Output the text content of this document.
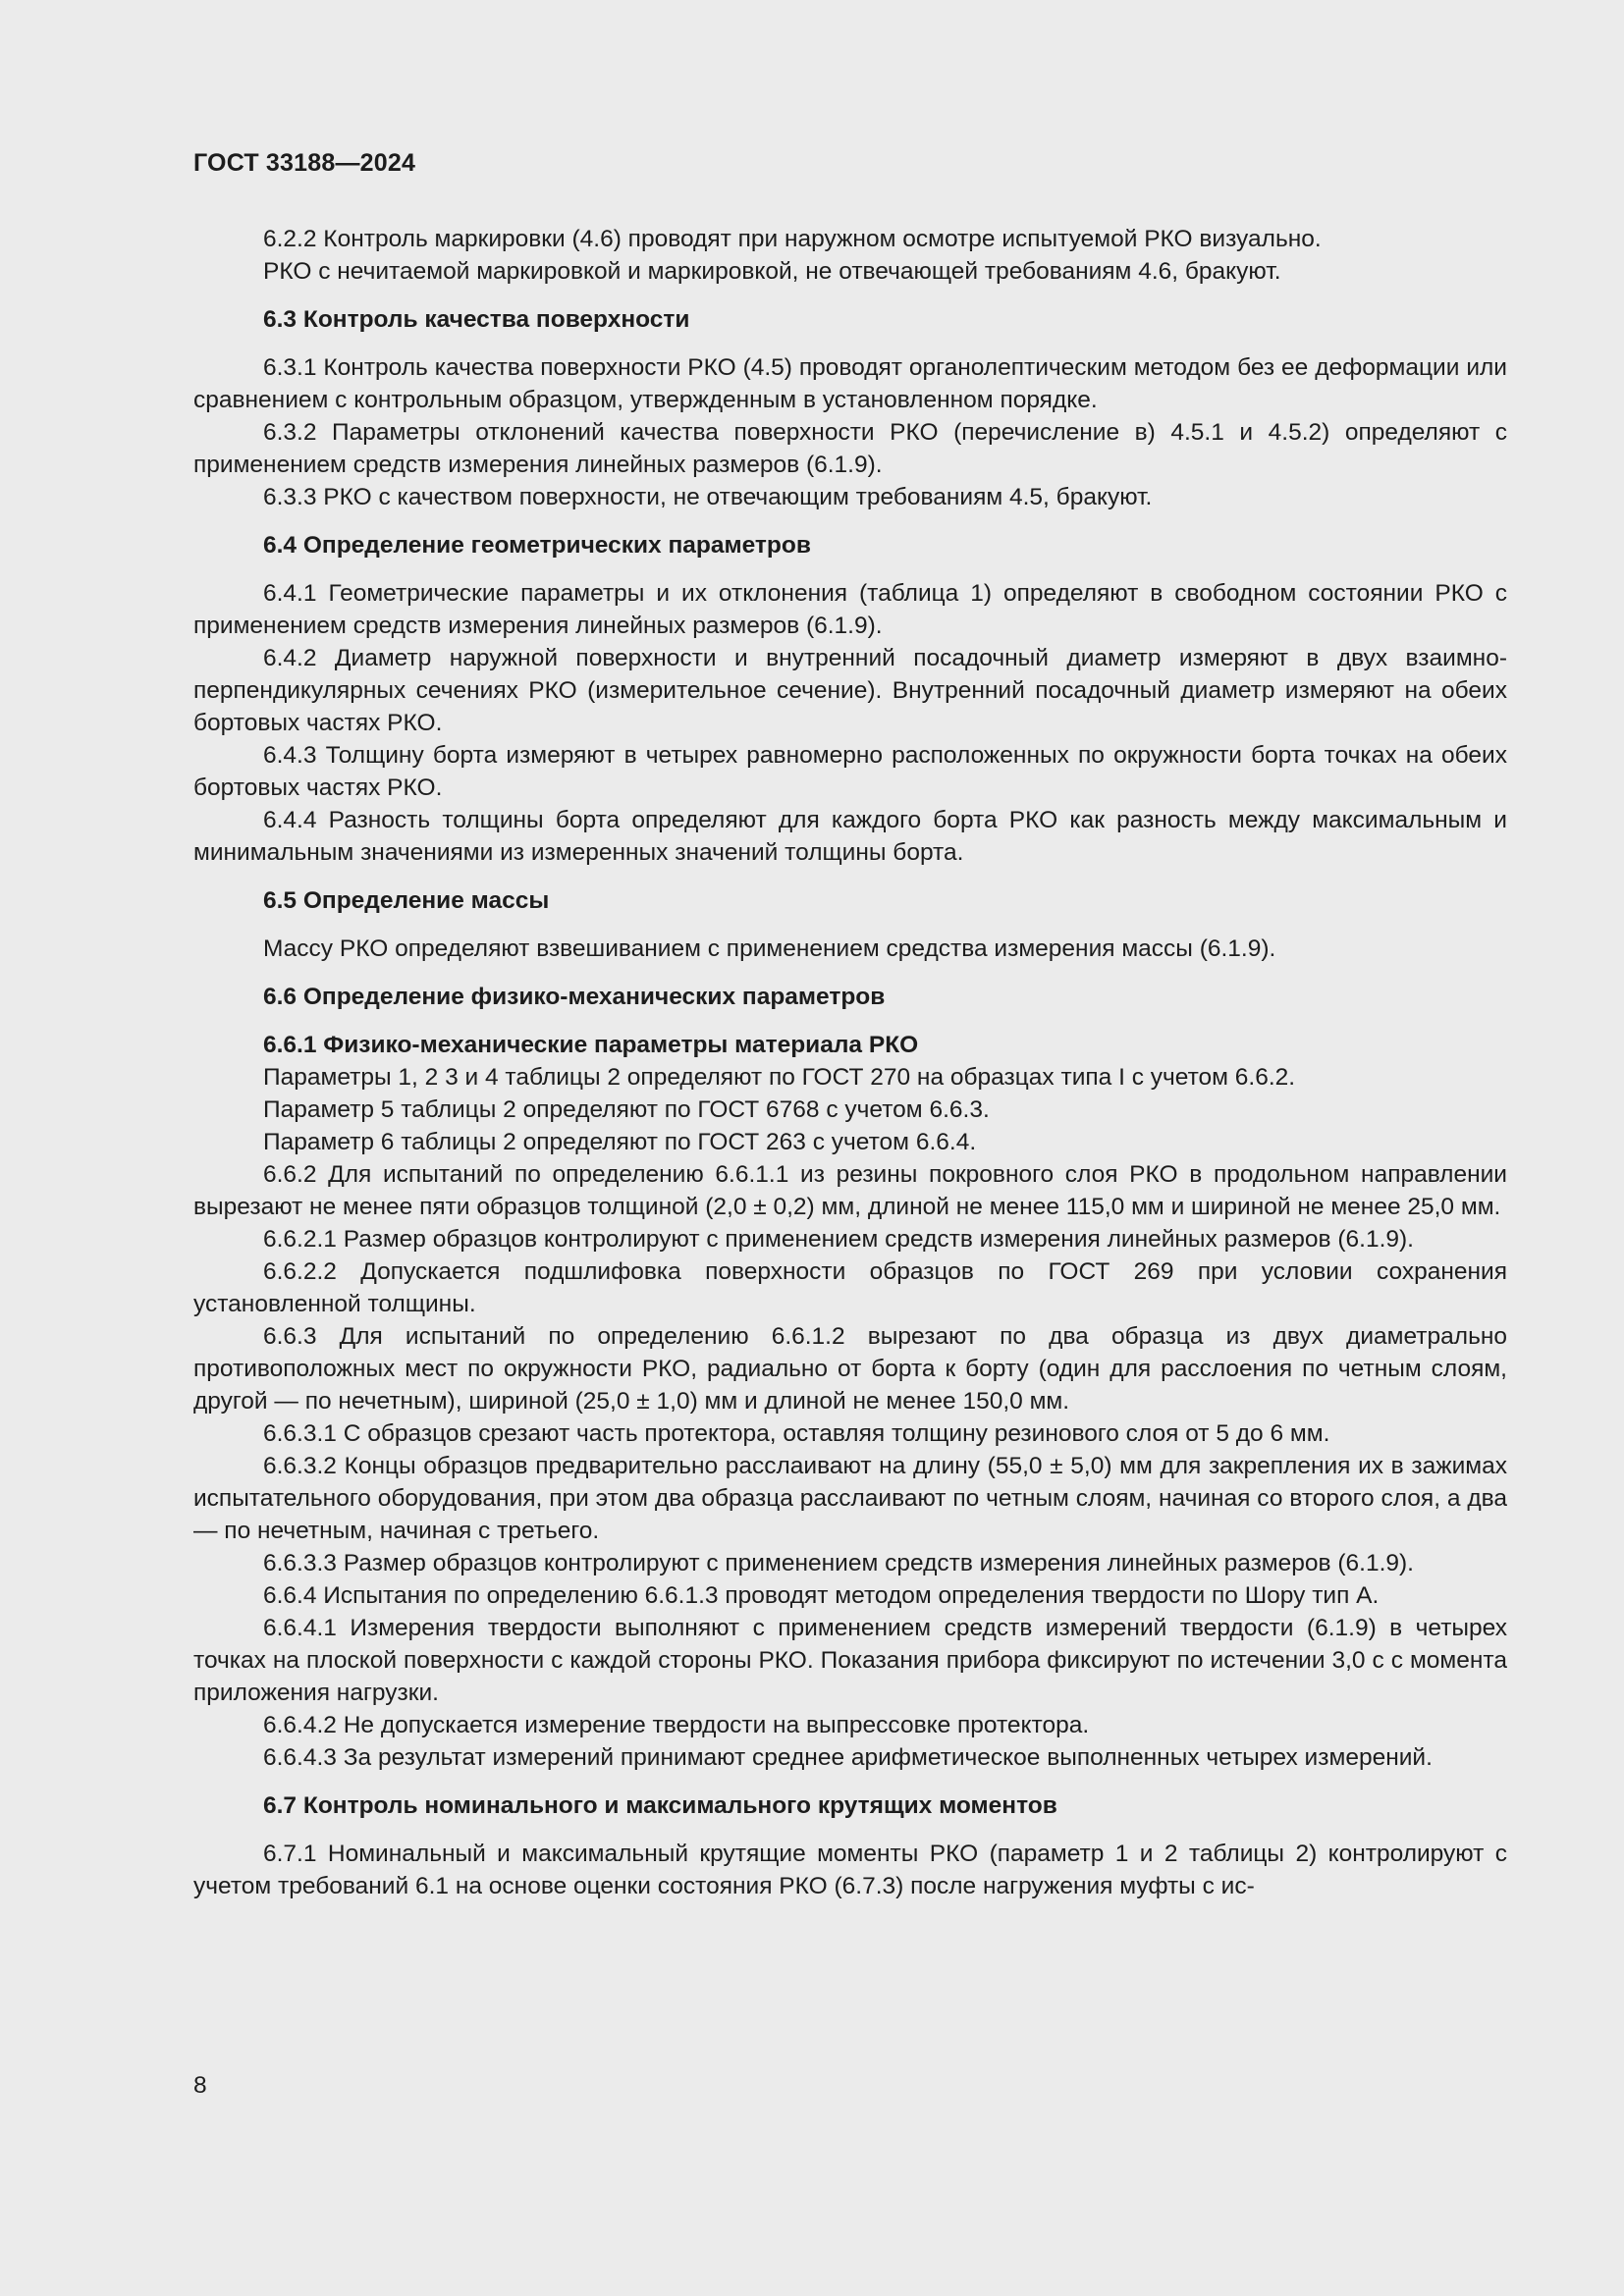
ГОСТ 33188—2024

6.2.2 Контроль маркировки (4.6) проводят при наружном осмотре испытуемой РКО визуально.

РКО с нечитаемой маркировкой и маркировкой, не отвечающей требованиям 4.6, бракуют.

6.3 Контроль качества поверхности

6.3.1 Контроль качества поверхности РКО (4.5) проводят органолептическим методом без ее деформации или сравнением с контрольным образцом, утвержденным в установленном порядке.

6.3.2 Параметры отклонений качества поверхности РКО (перечисление в) 4.5.1 и 4.5.2) определяют с применением средств измерения линейных размеров (6.1.9).

6.3.3 РКО с качеством поверхности, не отвечающим требованиям 4.5, бракуют.

6.4 Определение геометрических параметров

6.4.1 Геометрические параметры и их отклонения (таблица 1) определяют в свободном состоянии РКО с применением средств измерения линейных размеров (6.1.9).

6.4.2 Диаметр наружной поверхности и внутренний посадочный диаметр измеряют в двух взаимно-перпендикулярных сечениях РКО (измерительное сечение). Внутренний посадочный диаметр измеряют на обеих бортовых частях РКО.

6.4.3 Толщину борта измеряют в четырех равномерно расположенных по окружности борта точках на обеих бортовых частях РКО.

6.4.4 Разность толщины борта определяют для каждого борта РКО как разность между максимальным и минимальным значениями из измеренных значений толщины борта.

6.5 Определение массы

Массу РКО определяют взвешиванием с применением средства измерения массы (6.1.9).

6.6 Определение физико-механических параметров
6.6.1 Физико-механические параметры материала РКО

Параметры 1, 2 3 и 4 таблицы 2 определяют по ГОСТ 270 на образцах типа I с учетом 6.6.2.

Параметр 5 таблицы 2 определяют по ГОСТ 6768 с учетом 6.6.3.

Параметр 6 таблицы 2 определяют по ГОСТ 263 с учетом 6.6.4.

6.6.2 Для испытаний по определению 6.6.1.1 из резины покровного слоя РКО в продольном направлении вырезают не менее пяти образцов толщиной (2,0 ± 0,2) мм, длиной не менее 115,0 мм и шириной не менее 25,0 мм.

6.6.2.1 Размер образцов контролируют с применением средств измерения линейных размеров (6.1.9).

6.6.2.2 Допускается подшлифовка поверхности образцов по ГОСТ 269 при условии сохранения установленной толщины.

6.6.3 Для испытаний по определению 6.6.1.2 вырезают по два образца из двух диаметрально противоположных мест по окружности РКО, радиально от борта к борту (один для расслоения по четным слоям, другой — по нечетным), шириной (25,0 ± 1,0) мм и длиной не менее 150,0 мм.

6.6.3.1 С образцов срезают часть протектора, оставляя толщину резинового слоя от 5 до 6 мм.

6.6.3.2 Концы образцов предварительно расслаивают на длину (55,0 ± 5,0) мм для закрепления их в зажимах испытательного оборудования, при этом два образца расслаивают по четным слоям, начиная со второго слоя, а два — по нечетным, начиная с третьего.

6.6.3.3 Размер образцов контролируют с применением средств измерения линейных размеров (6.1.9).

6.6.4 Испытания по определению 6.6.1.3 проводят методом определения твердости по Шору тип А.

6.6.4.1 Измерения твердости выполняют с применением средств измерений твердости (6.1.9) в четырех точках на плоской поверхности с каждой стороны РКО. Показания прибора фиксируют по истечении 3,0 с с момента приложения нагрузки.

6.6.4.2 Не допускается измерение твердости на выпрессовке протектора.

6.6.4.3 За результат измерений принимают среднее арифметическое выполненных четырех измерений.

6.7 Контроль номинального и максимального крутящих моментов

6.7.1 Номинальный и максимальный крутящие моменты РКО (параметр 1 и 2 таблицы 2) контролируют с учетом требований 6.1 на основе оценки состояния РКО (6.7.3) после нагружения муфты с ис-

8
